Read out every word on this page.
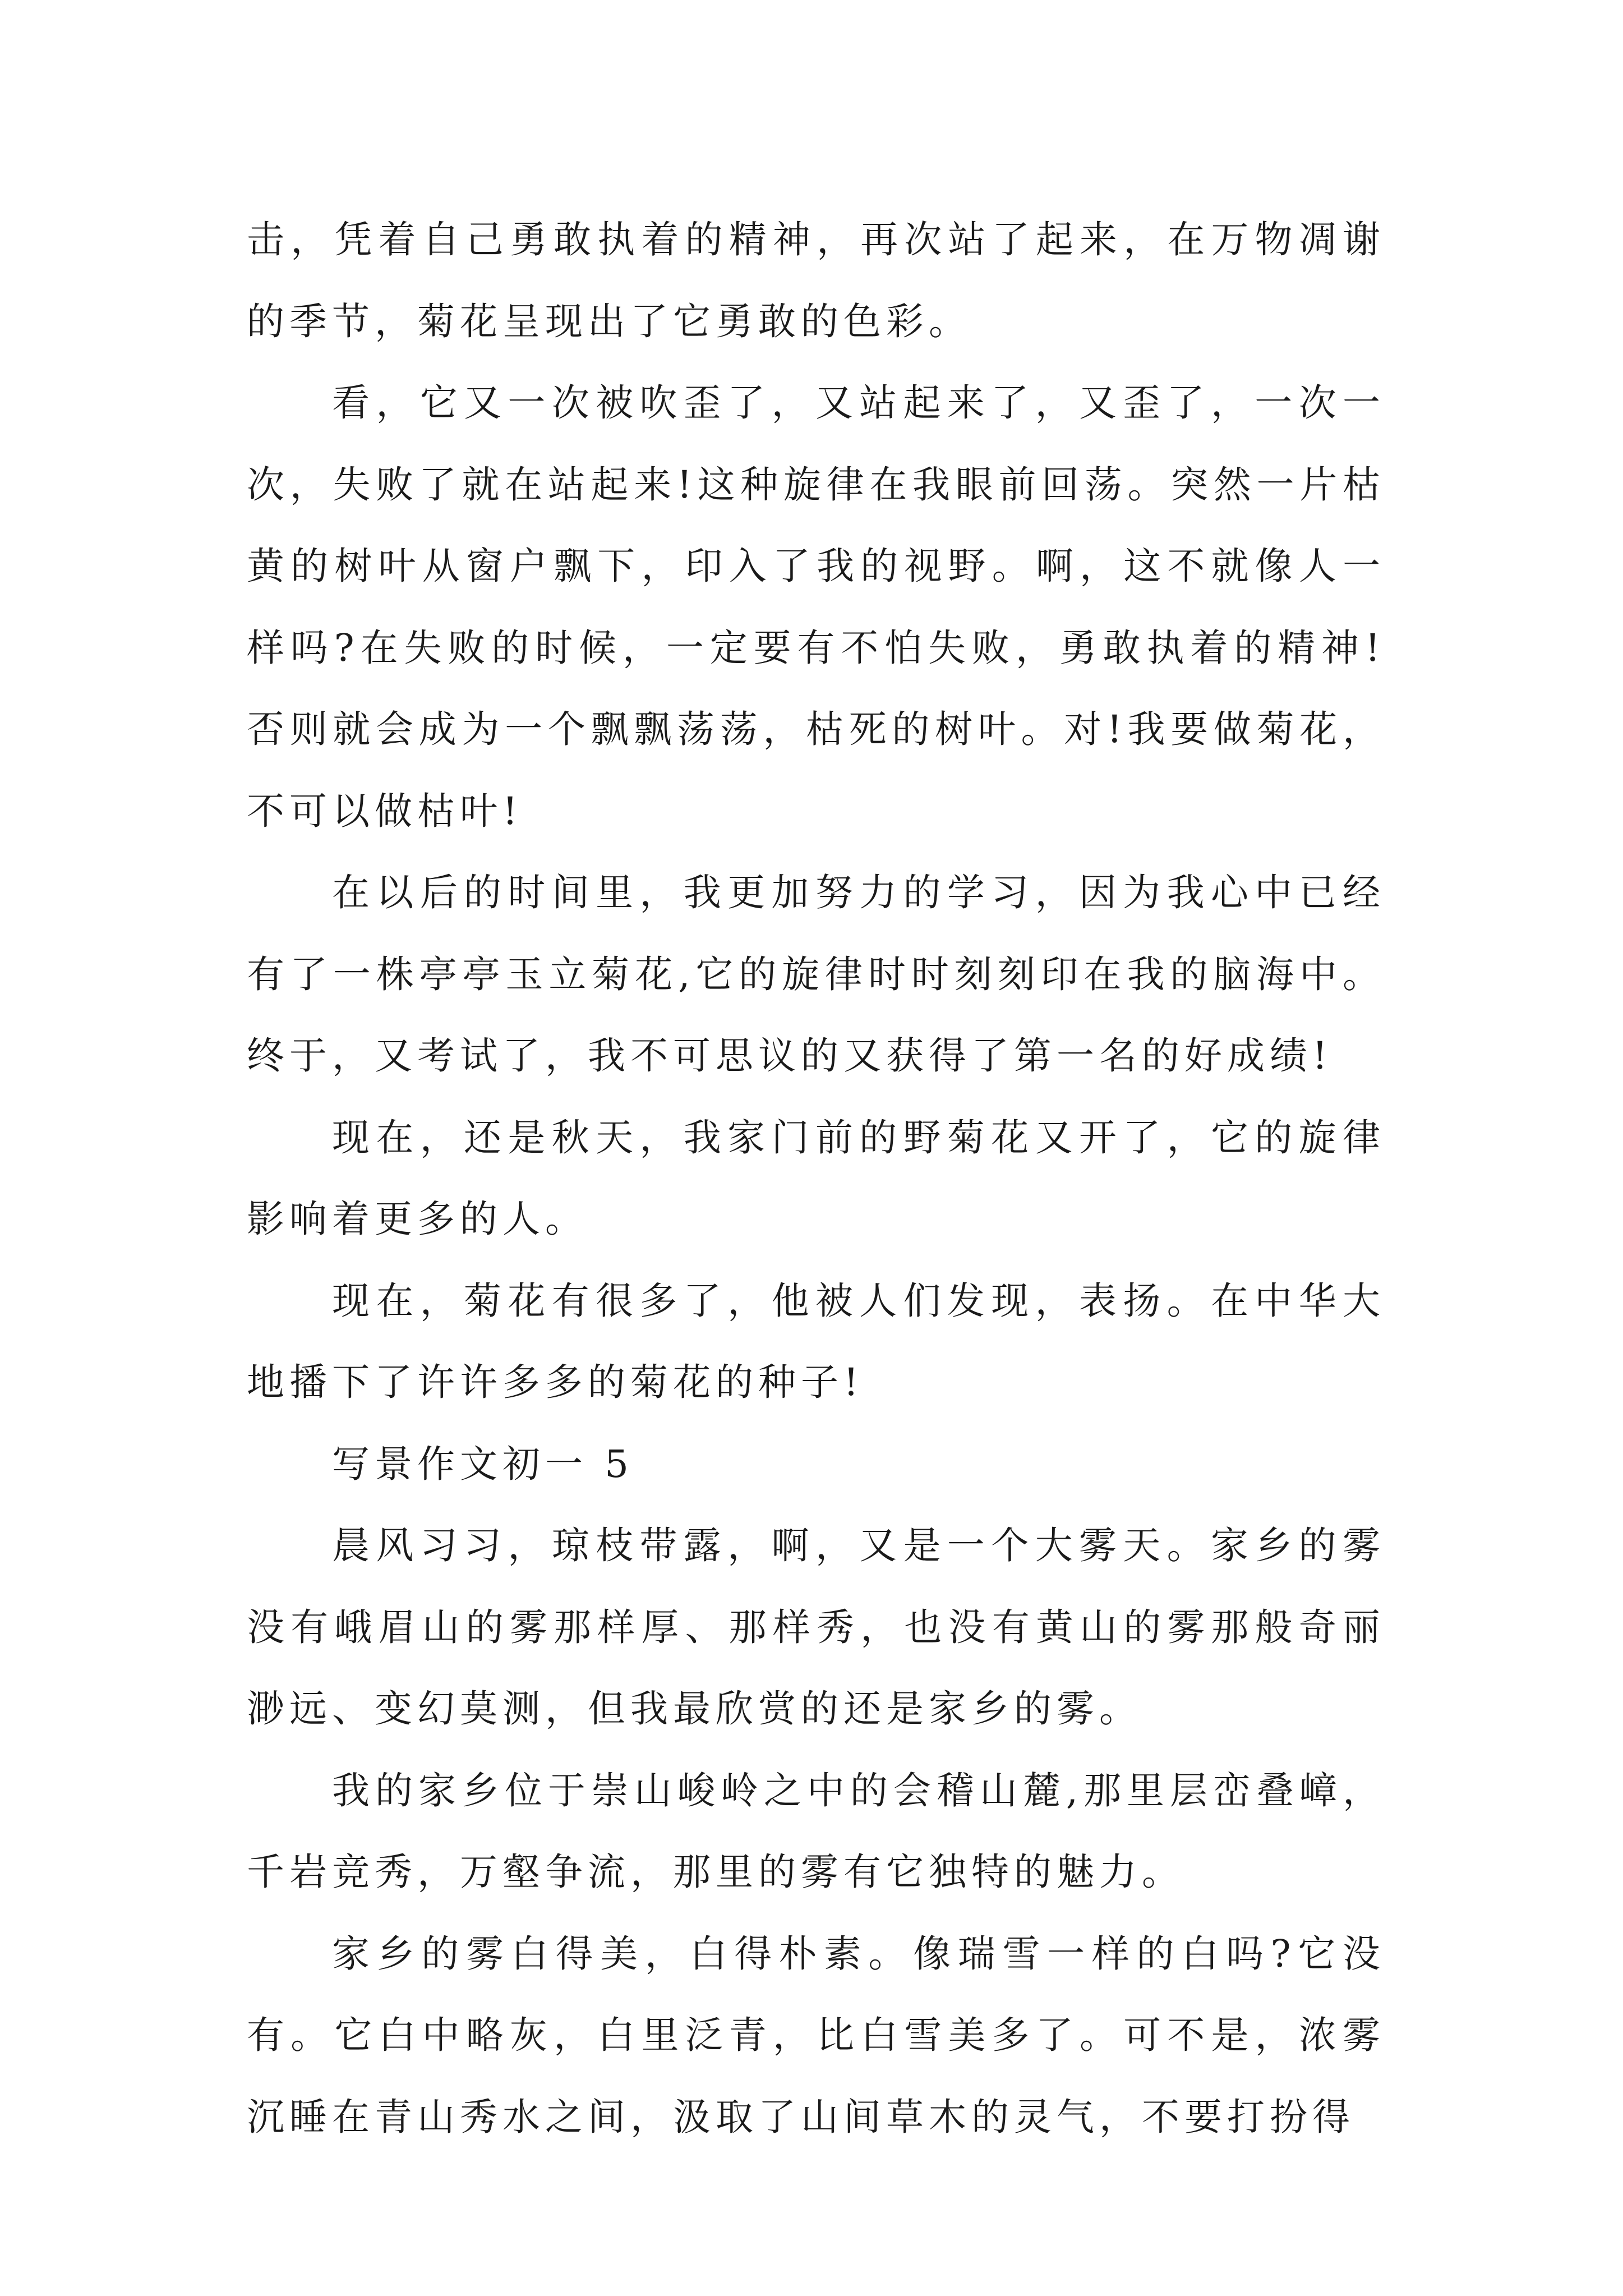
击，凭着自己勇敢执着的精神，再次站了起来，在万物凋谢的季节，菊花呈现出了它勇敢的色彩。

看，它又一次被吹歪了，又站起来了，又歪了，一次一次，失败了就在站起来!这种旋律在我眼前回荡。突然一片枯黄的树叶从窗户飘下，印入了我的视野。啊，这不就像人一样吗?在失败的时候，一定要有不怕失败，勇敢执着的精神!否则就会成为一个飘飘荡荡，枯死的树叶。对!我要做菊花，不可以做枯叶!

在以后的时间里，我更加努力的学习，因为我心中已经有了一株亭亭玉立菊花,它的旋律时时刻刻印在我的脑海中。终于，又考试了，我不可思议的又获得了第一名的好成绩!

现在，还是秋天，我家门前的野菊花又开了，它的旋律影响着更多的人。

现在，菊花有很多了，他被人们发现，表扬。在中华大地播下了许许多多的菊花的种子!

写景作文初一 5

晨风习习，琼枝带露，啊，又是一个大雾天。家乡的雾没有峨眉山的雾那样厚、那样秀，也没有黄山的雾那般奇丽渺远、变幻莫测，但我最欣赏的还是家乡的雾。

我的家乡位于崇山峻岭之中的会稽山麓,那里层峦叠嶂，千岩竞秀，万壑争流，那里的雾有它独特的魅力。

家乡的雾白得美，白得朴素。像瑞雪一样的白吗?它没有。它白中略灰，白里泛青，比白雪美多了。可不是，浓雾沉睡在青山秀水之间，汲取了山间草木的灵气，不要打扮得
